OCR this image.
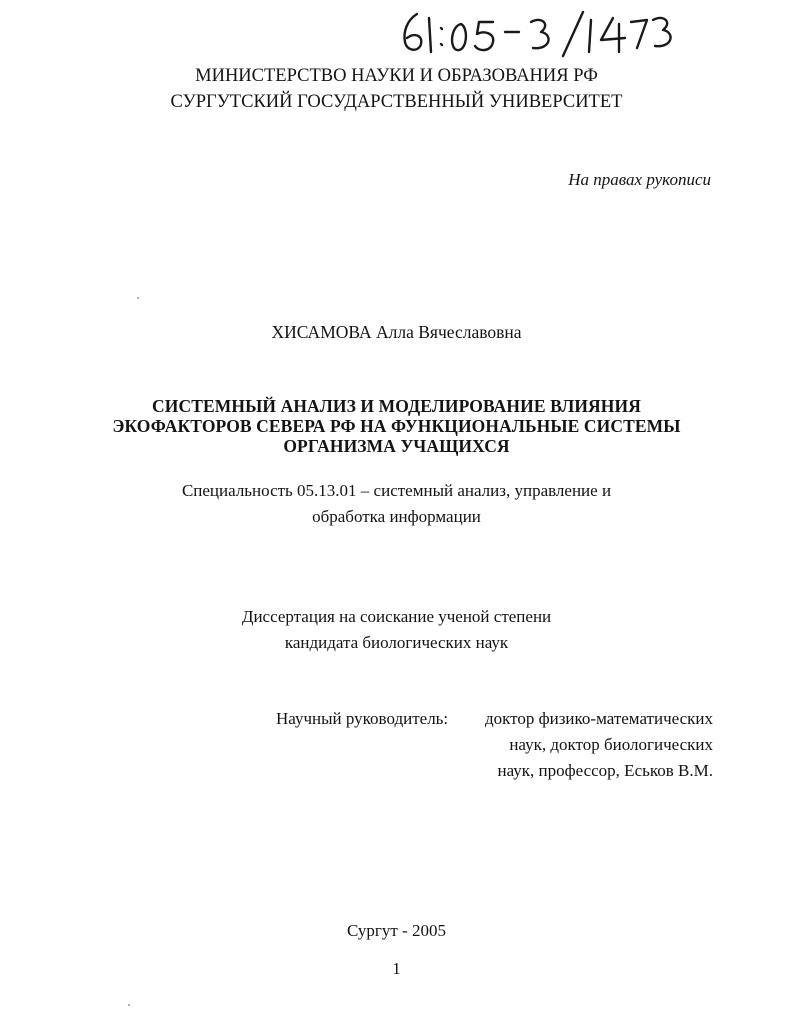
МИНИСТЕРСТВО НАУКИ И ОБРАЗОВАНИЯ РФ
СУРГУТСКИЙ ГОСУДАРСТВЕННЫЙ УНИВЕРСИТЕТ
На правах рукописи
ХИСАМОВА Алла Вячеславовна
СИСТЕМНЫЙ АНАЛИЗ И МОДЕЛИРОВАНИЕ ВЛИЯНИЯ
ЭКОФАКТОРОВ СЕВЕРА РФ НА ФУНКЦИОНАЛЬНЫЕ СИСТЕМЫ
ОРГАНИЗМА УЧАЩИХСЯ
Специальность 05.13.01 – системный анализ, управление и
обработка информации
Диссертация на соискание ученой степени
кандидата биологических наук
Научный руководитель: доктор физико-математических
наук, доктор биологических
наук, профессор, Еськов В.М.
Сургут - 2005
1
